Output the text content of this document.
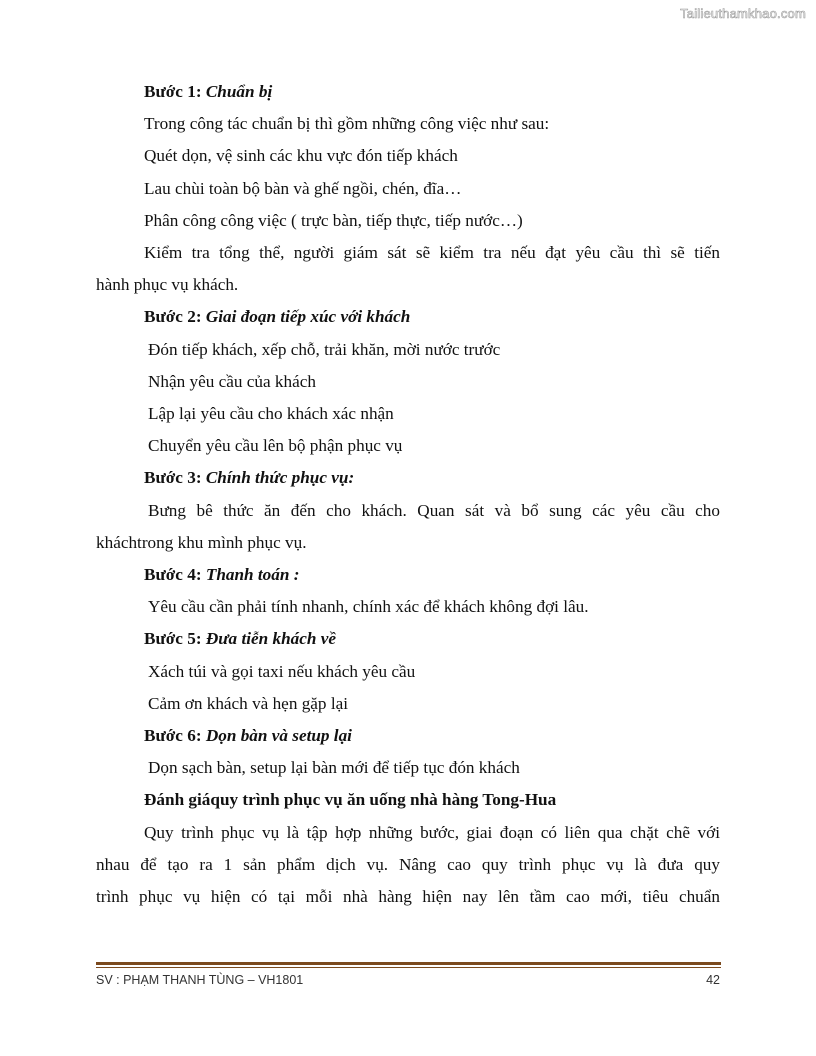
Tailieuthamkhao.com

Bước 1: Chuẩn bị

Trong công tác chuẩn bị thì gồm những công việc như sau:

Quét dọn, vệ sinh các khu vực đón tiếp khách

Lau chùi toàn bộ bàn và ghế ngồi, chén, đĩa…

Phân công công việc ( trực bàn, tiếp thực, tiếp nước…)

Kiểm tra tổng thể, người giám sát sẽ kiểm tra nếu đạt yêu cầu thì sẽ tiến

hành phục vụ khách.

Bước 2: Giai đoạn tiếp xúc với khách

Đón tiếp khách, xếp chỗ, trải khăn, mời nước trước

Nhận yêu cầu của khách

Lập lại yêu cầu cho khách xác nhận

Chuyển yêu cầu lên bộ phận phục vụ

Bước 3: Chính thức phục vụ:

Bưng bê thức ăn đến cho khách. Quan sát và bổ sung các yêu cầu cho

kháchtrong khu mình phục vụ.

Bước 4: Thanh toán :

Yêu cầu cần phải tính nhanh, chính xác để khách không đợi lâu.

Bước 5: Đưa tiễn khách về

Xách túi và gọi taxi nếu khách yêu cầu

Cảm ơn khách và hẹn gặp lại

Bước 6: Dọn bàn và setup lại

Dọn sạch bàn, setup lại bàn mới để tiếp tục đón khách

Đánh giáquy trình phục vụ ăn uống nhà hàng Tong-Hua

Quy trình phục vụ là tập hợp những bước, giai đoạn có liên qua chặt chẽ với

nhau để tạo ra 1 sản phẩm dịch vụ. Nâng cao quy trình phục vụ là đưa quy

trình phục vụ hiện có tại mỗi nhà hàng hiện nay lên tầm cao mới, tiêu chuẩn

SV : PHẠM THANH TÙNG – VH1801	42
